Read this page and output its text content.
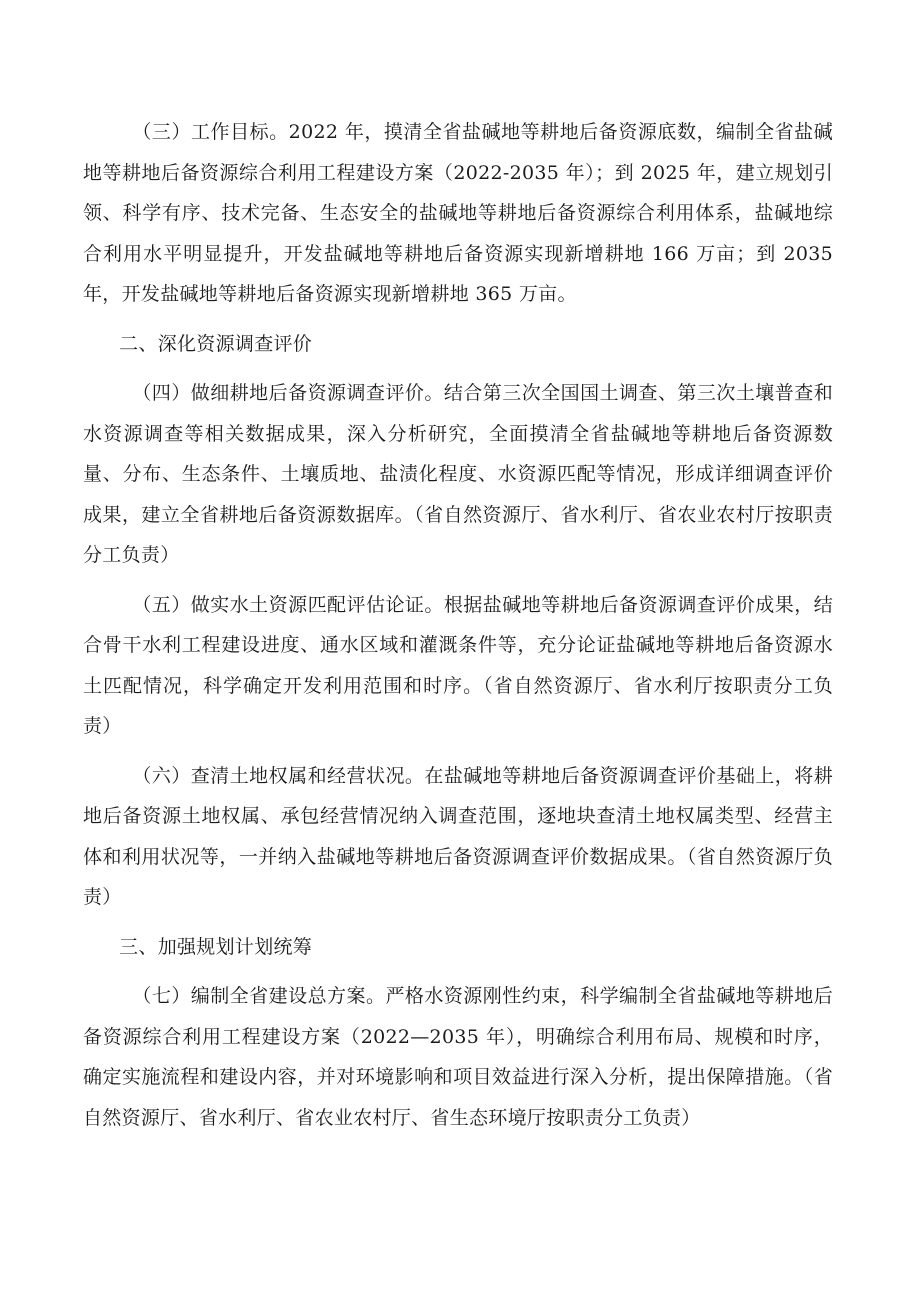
（三）工作目标。2022 年，摸清全省盐碱地等耕地后备资源底数，编制全省盐碱地等耕地后备资源综合利用工程建设方案（2022-2035 年）；到 2025 年，建立规划引领、科学有序、技术完备、生态安全的盐碱地等耕地后备资源综合利用体系，盐碱地综合利用水平明显提升，开发盐碱地等耕地后备资源实现新增耕地 166 万亩；到 2035 年，开发盐碱地等耕地后备资源实现新增耕地 365 万亩。

二、深化资源调查评价

（四）做细耕地后备资源调查评价。结合第三次全国国土调查、第三次土壤普查和水资源调查等相关数据成果，深入分析研究，全面摸清全省盐碱地等耕地后备资源数量、分布、生态条件、土壤质地、盐渍化程度、水资源匹配等情况，形成详细调查评价成果，建立全省耕地后备资源数据库。（省自然资源厅、省水利厅、省农业农村厅按职责分工负责）

（五）做实水土资源匹配评估论证。根据盐碱地等耕地后备资源调查评价成果，结合骨干水利工程建设进度、通水区域和灌溉条件等，充分论证盐碱地等耕地后备资源水土匹配情况，科学确定开发利用范围和时序。（省自然资源厅、省水利厅按职责分工负责）

（六）查清土地权属和经营状况。在盐碱地等耕地后备资源调查评价基础上，将耕地后备资源土地权属、承包经营情况纳入调查范围，逐地块查清土地权属类型、经营主体和利用状况等，一并纳入盐碱地等耕地后备资源调查评价数据成果。（省自然资源厅负责）

三、加强规划计划统筹

（七）编制全省建设总方案。严格水资源刚性约束，科学编制全省盐碱地等耕地后备资源综合利用工程建设方案（2022—2035 年），明确综合利用布局、规模和时序，确定实施流程和建设内容，并对环境影响和项目效益进行深入分析，提出保障措施。（省自然资源厅、省水利厅、省农业农村厅、省生态环境厅按职责分工负责）
